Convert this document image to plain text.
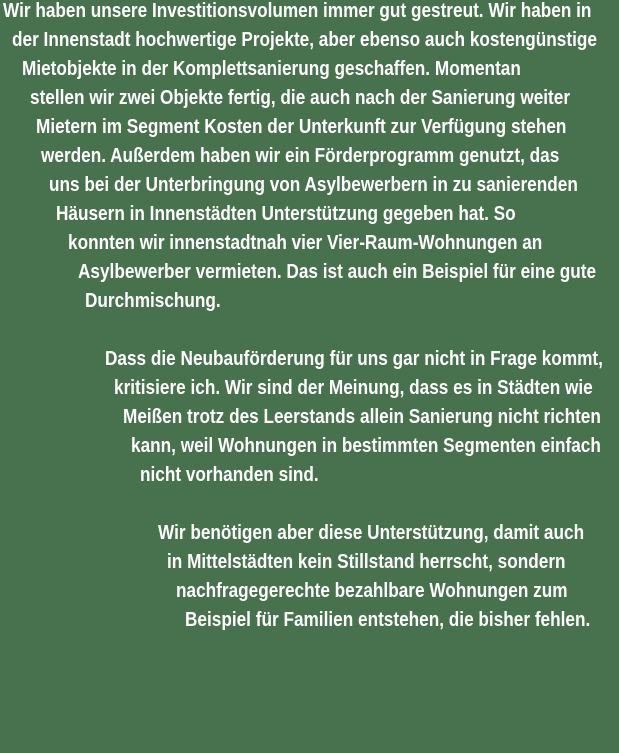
Wir haben unsere Investitionsvolumen immer gut gestreut. Wir haben in
der Innenstadt hochwertige Projekte, aber ebenso auch kostengünstige
Mietobjekte in der Komplettsanierung geschaffen. Momentan
stellen wir zwei Objekte fertig, die auch nach der Sanierung weiter
Mietern im Segment Kosten der Unterkunft zur Verfügung stehen
werden. Außerdem haben wir ein Förderprogramm genutzt, das
uns bei der Unterbringung von Asylbewerbern in zu sanierenden
Häusern in Innenstädten Unterstützung gegeben hat. So
konnten wir innenstadtnah vier Vier-Raum-Wohnungen an
Asylbewerber vermieten. Das ist auch ein Beispiel für eine gute
Durchmischung.
Dass die Neubauförderung für uns gar nicht in Frage kommt,
kritisiere ich. Wir sind der Meinung, dass es in Städten wie
Meißen trotz des Leerstands allein Sanierung nicht richten
kann, weil Wohnungen in bestimmten Segmenten einfach
nicht vorhanden sind.
Wir benötigen aber diese Unterstützung, damit auch
in Mittelstädten kein Stillstand herrscht, sondern
nachfragegerechte bezahlbare Wohnungen zum
Beispiel für Familien entstehen, die bisher fehlen.
